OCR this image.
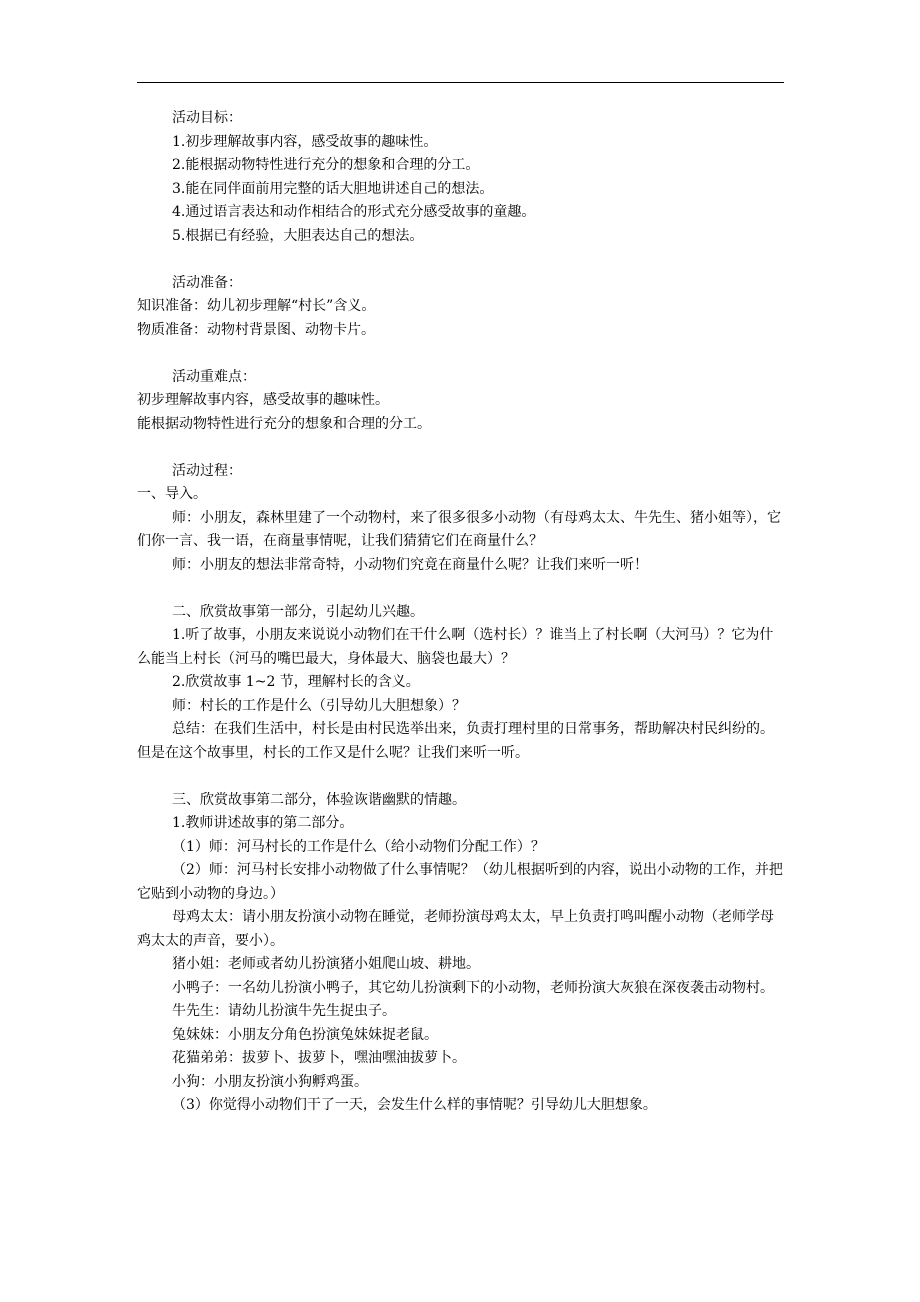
活动目标：

1.初步理解故事内容，感受故事的趣味性。

2.能根据动物特性进行充分的想象和合理的分工。

3.能在同伴面前用完整的话大胆地讲述自己的想法。

4.通过语言表达和动作相结合的形式充分感受故事的童趣。

5.根据已有经验，大胆表达自己的想法。

活动准备：

知识准备：幼儿初步理解“村长”含义。

物质准备：动物村背景图、动物卡片。

活动重难点：

初步理解故事内容，感受故事的趣味性。

能根据动物特性进行充分的想象和合理的分工。

活动过程：

一、导入。

师：小朋友，森林里建了一个动物村，来了很多很多小动物（有母鸡太太、牛先生、猪小姐等），它们你一言、我一语，在商量事情呢，让我们猜猜它们在商量什么？

师：小朋友的想法非常奇特，小动物们究竟在商量什么呢？让我们来听一听！

二、欣赏故事第一部分，引起幼儿兴趣。

1.听了故事，小朋友来说说小动物们在干什么啊（选村长）？谁当上了村长啊（大河马）？它为什么能当上村长（河马的嘴巴最大，身体最大、脑袋也最大）？

2.欣赏故事 1~2 节，理解村长的含义。

师：村长的工作是什么（引导幼儿大胆想象）？

总结：在我们生活中，村长是由村民选举出来，负责打理村里的日常事务，帮助解决村民纠纷的。但是在这个故事里，村长的工作又是什么呢？让我们来听一听。

三、欣赏故事第二部分，体验诙谐幽默的情趣。

1.教师讲述故事的第二部分。

（1）师：河马村长的工作是什么（给小动物们分配工作）？

（2）师：河马村长安排小动物做了什么事情呢？（幼儿根据听到的内容，说出小动物的工作，并把它贴到小动物的身边。）

母鸡太太：请小朋友扮演小动物在睡觉，老师扮演母鸡太太，早上负责打鸣叫醒小动物（老师学母鸡太太的声音，要小）。

猪小姐：老师或者幼儿扮演猪小姐爬山坡、耕地。

小鸭子：一名幼儿扮演小鸭子，其它幼儿扮演剩下的小动物，老师扮演大灰狼在深夜袭击动物村。

牛先生：请幼儿扮演牛先生捉虫子。

兔妹妹：小朋友分角色扮演兔妹妹捉老鼠。

花猫弟弟：拔萝卜、拔萝卜，嘿油嘿油拔萝卜。

小狗：小朋友扮演小狗孵鸡蛋。

（3）你觉得小动物们干了一天，会发生什么样的事情呢？引导幼儿大胆想象。
